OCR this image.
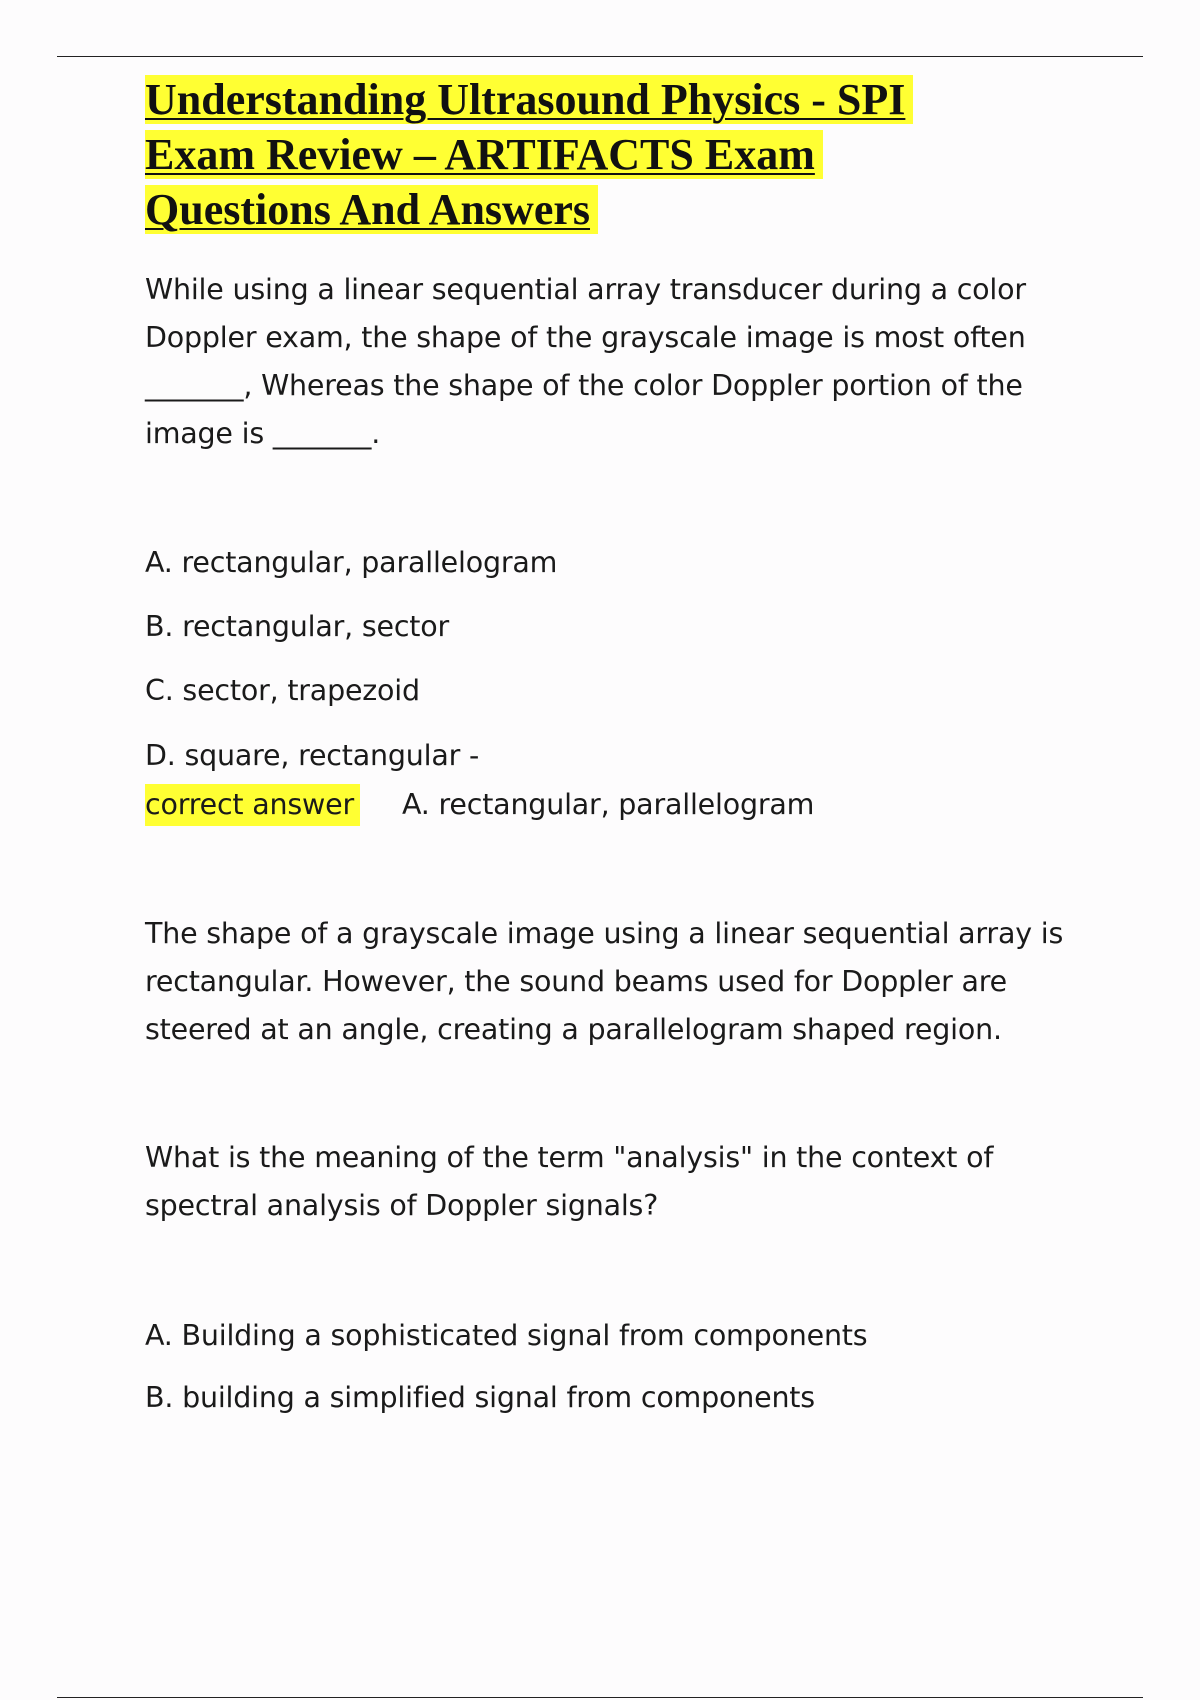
Understanding Ultrasound Physics - SPI
Exam Review – ARTIFACTS Exam
Questions And Answers

While using a linear sequential array transducer during a color
Doppler exam, the shape of the grayscale image is most often
_______, Whereas the shape of the color Doppler portion of the
image is _______.

A. rectangular, parallelogram

B. rectangular, sector

C. sector, trapezoid

D. square, rectangular -

correct answer A. rectangular, parallelogram

The shape of a grayscale image using a linear sequential array is
rectangular. However, the sound beams used for Doppler are
steered at an angle, creating a parallelogram shaped region.

What is the meaning of the term "analysis" in the context of
spectral analysis of Doppler signals?

A. Building a sophisticated signal from components

B. building a simplified signal from components
